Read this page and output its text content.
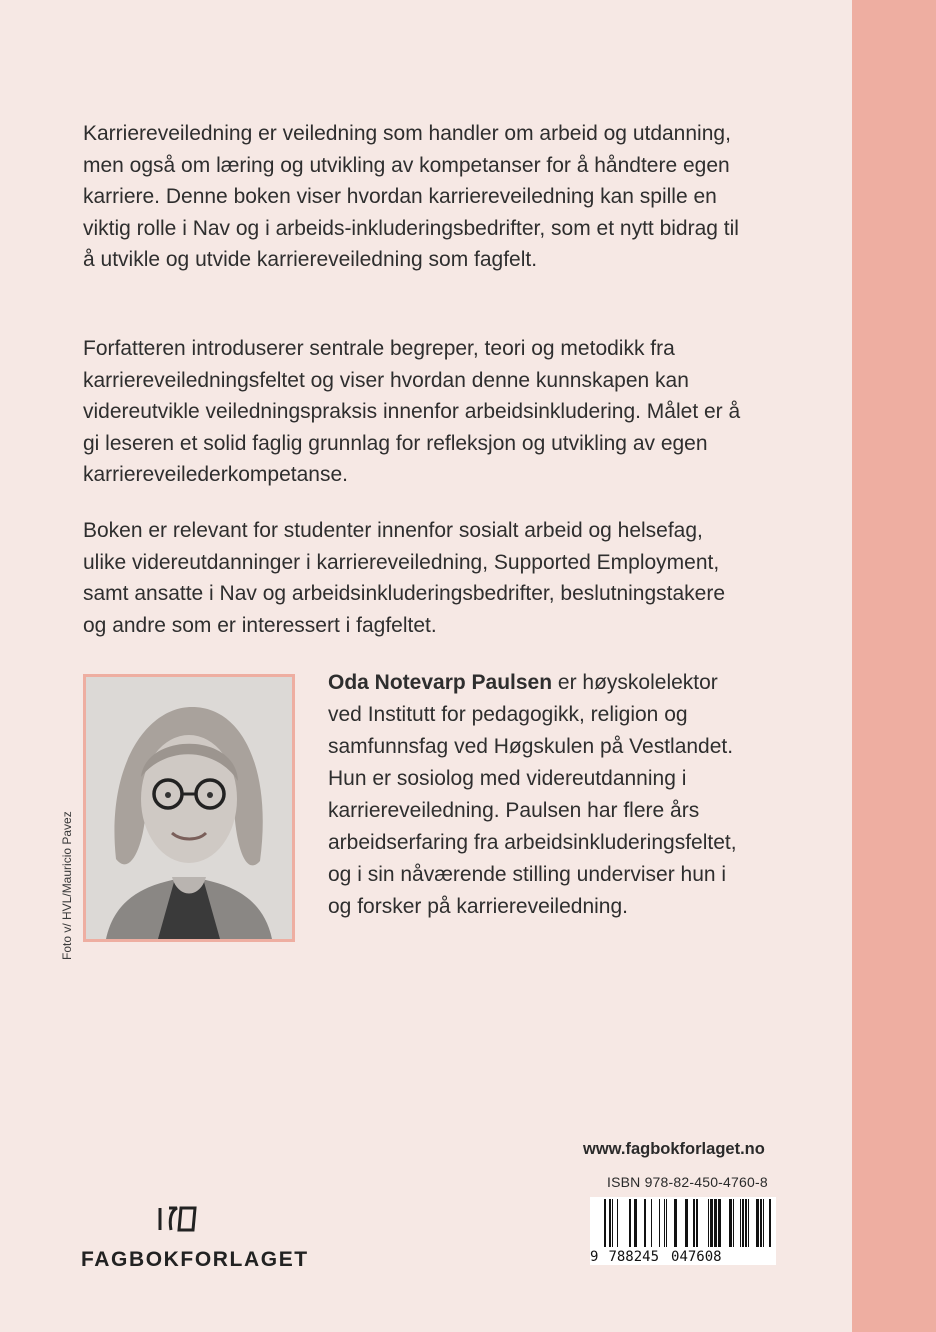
Karriereveiledning er veiledning som handler om arbeid og utdanning, men også om læring og utvikling av kompetanser for å håndtere egen karriere. Denne boken viser hvordan karriereveiledning kan spille en viktig rolle i Nav og i arbeids-inkluderingsbedrifter, som et nytt bidrag til å utvikle og utvide karriereveiledning som fagfelt.

Forfatteren introduserer sentrale begreper, teori og metodikk fra karriereveiledningsfeltet og viser hvordan denne kunnskapen kan videreutvikle veiledningspraksis innenfor arbeidsinkludering. Målet er å gi leseren et solid faglig grunnlag for refleksjon og utvikling av egen karriereveilederkompetanse.

Boken er relevant for studenter innenfor sosialt arbeid og helsefag, ulike videreutdanninger i karriereveiledning, Supported Employment, samt ansatte i Nav og arbeidsinkluderingsbedrifter, beslutningstakere og andre som er interessert i fagfeltet.

Foto v/ HVL/Mauricio Pavez

Oda Notevarp Paulsen er høyskolelektor ved Institutt for pedagogikk, religion og samfunnsfag ved Høgskulen på Vestlandet. Hun er sosiolog med videreutdanning i karriereveiledning. Paulsen har flere års arbeidserfaring fra arbeidsinkluderingsfeltet, og i sin nåværende stilling underviser hun i og forsker på karriereveiledning.

www.fagbokforlaget.no
ISBN 978-82-450-4760-8
9 788245 047608
FAGBOKFORLAGET
